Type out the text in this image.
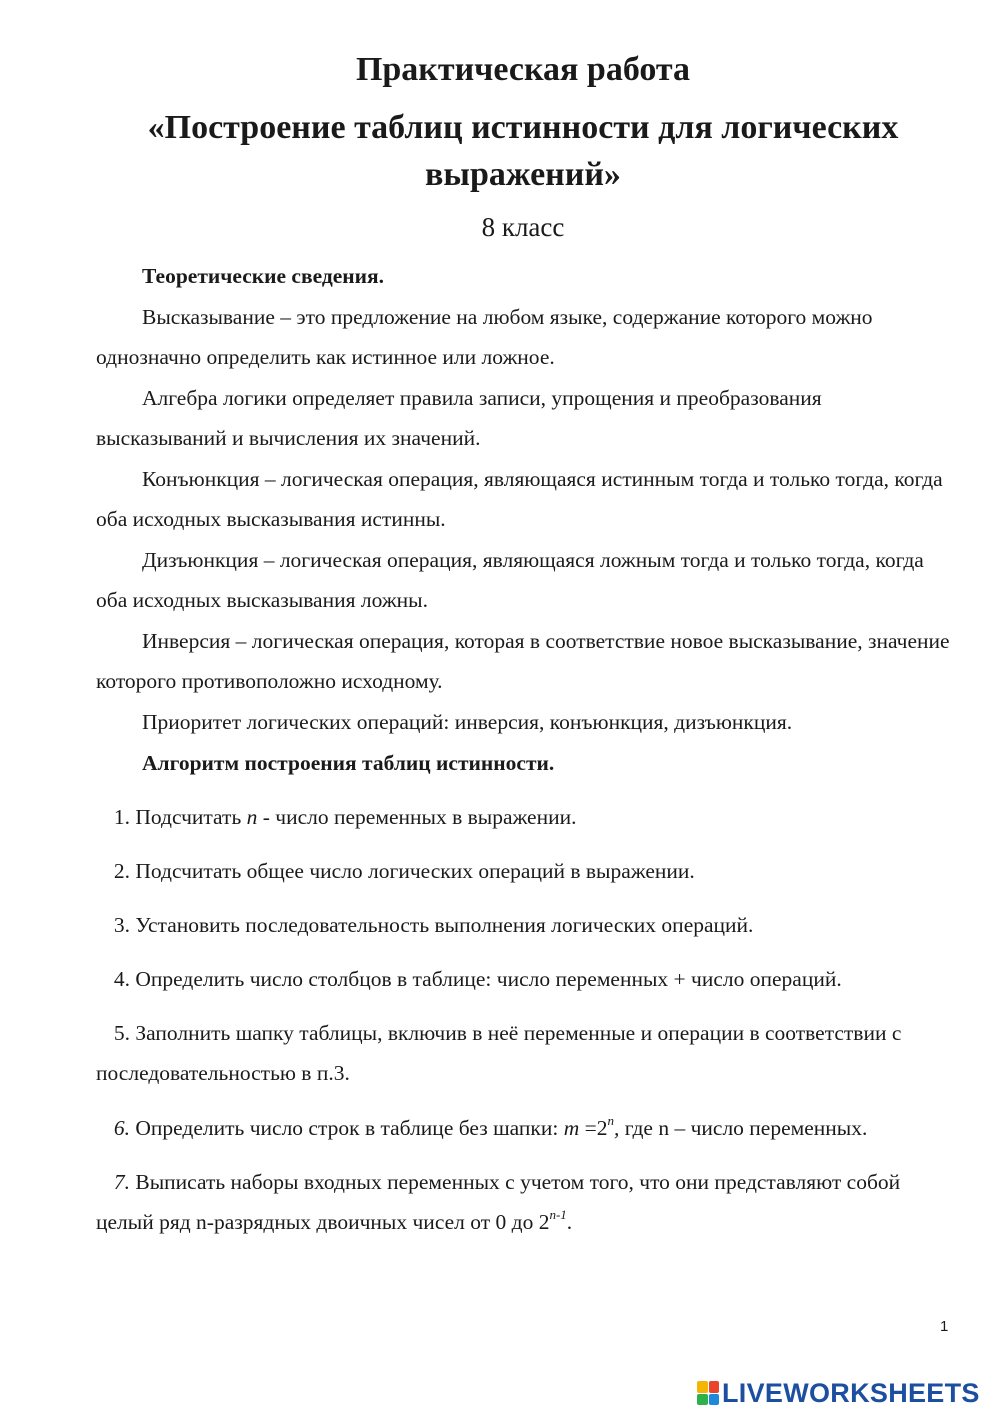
Практическая работа
«Построение таблиц истинности для логических
выражений»
8 класс

Теоретические сведения.

Высказывание – это предложение на любом языке, содержание которого можно однозначно определить как истинное или ложное.

Алгебра логики определяет правила записи, упрощения и преобразования высказываний и вычисления их значений.

Конъюнкция – логическая операция, являющаяся истинным тогда и только тогда, когда оба исходных высказывания истинны.

Дизъюнкция – логическая операция, являющаяся ложным тогда и только тогда, когда оба исходных высказывания ложны.

Инверсия – логическая операция, которая в соответствие новое высказывание, значение которого противоположно исходному.

Приоритет логических операций: инверсия, конъюнкция, дизъюнкция.

Алгоритм построения таблиц истинности.

1. Подсчитать n - число переменных в выражении.

2. Подсчитать общее число логических операций в выражении.

3. Установить последовательность выполнения логических операций.

4. Определить число столбцов в таблице: число переменных + число операций.

5. Заполнить шапку таблицы, включив в неё переменные и операции в соответствии с последовательностью в п.3.

6. Определить число строк в таблице без шапки: $m =2^n$, где n – число переменных.

7. Выписать наборы входных переменных с учетом того, что они представляют собой целый ряд n-разрядных двоичных чисел от 0 до 2$^{n-1}$.

1
LIVEWORKSHEETS
